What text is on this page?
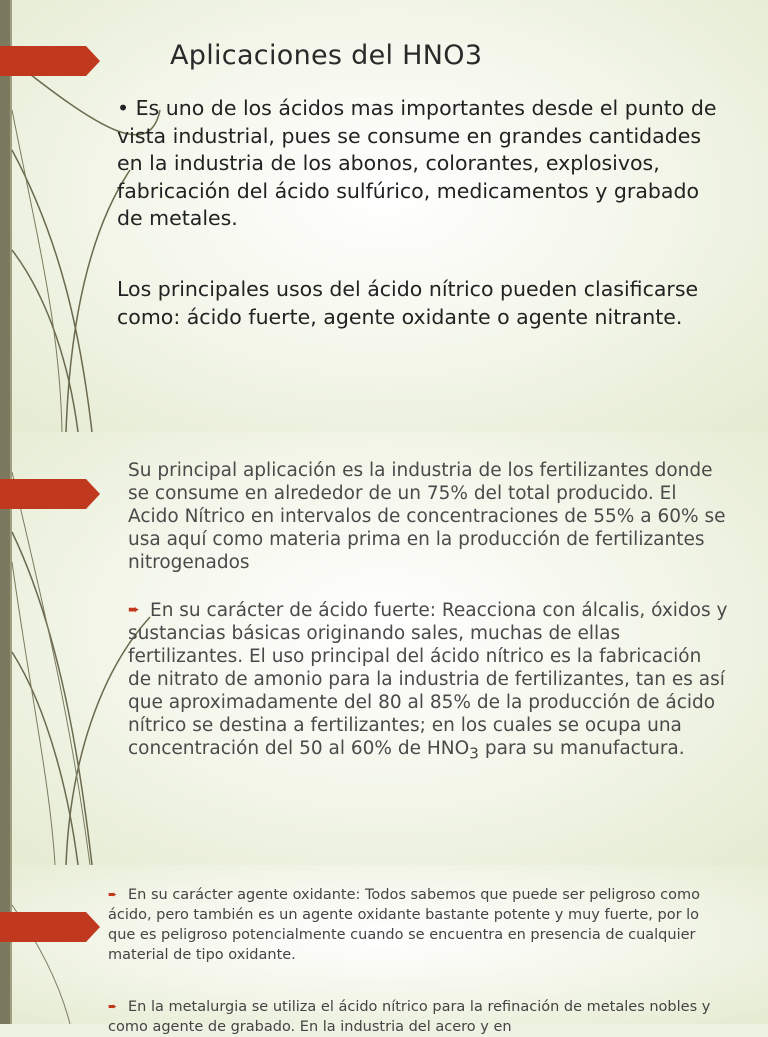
Aplicaciones del HNO3

• Es uno de los ácidos mas importantes desde el punto de vista industrial, pues se consume en grandes cantidades en la industria de los abonos, colorantes, explosivos, fabricación del ácido sulfúrico, medicamentos y grabado de metales.

Los principales usos del ácido nítrico pueden clasificarse como: ácido fuerte, agente oxidante o agente nitrante.

Su principal aplicación es la industria de los fertilizantes donde se consume en alrededor de un 75% del total producido. El Acido Nítrico en intervalos de concentraciones de 55% a 60% se usa aquí como materia prima en la producción de fertilizantes nitrogenados

➨ En su carácter de ácido fuerte: Reacciona con álcalis, óxidos y sustancias básicas originando sales, muchas de ellas fertilizantes. El uso principal del ácido nítrico es la fabricación de nitrato de amonio para la industria de fertilizantes, tan es así que aproximadamente del 80 al 85% de la producción de ácido nítrico se destina a fertilizantes; en los cuales se ocupa una concentración del 50 al 60% de $HNO_3$ para su manufactura.

➨ En su carácter agente oxidante: Todos sabemos que puede ser peligroso como ácido, pero también es un agente oxidante bastante potente y muy fuerte, por lo que es peligroso potencialmente cuando se encuentra en presencia de cualquier material de tipo oxidante.

➨ En la metalurgia se utiliza el ácido nítrico para la refinación de metales nobles y como agente de grabado. En la industria del acero y en
